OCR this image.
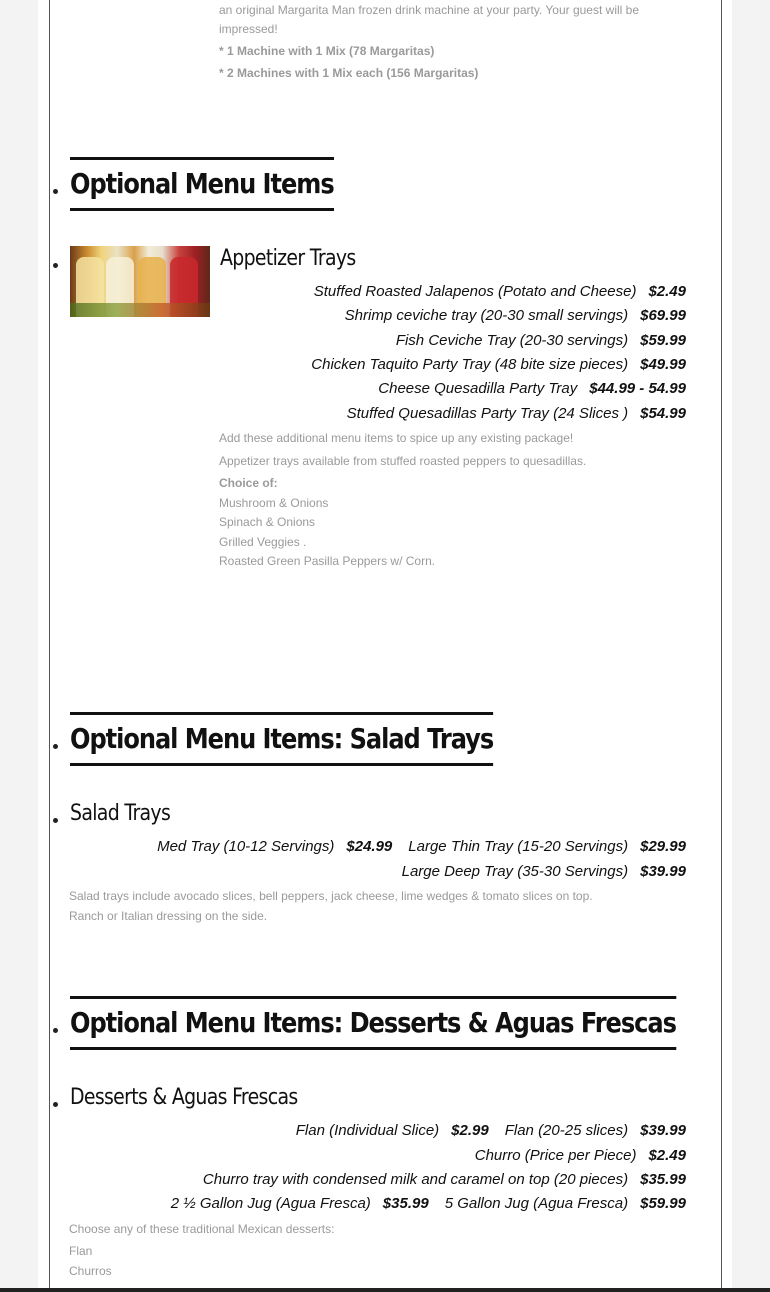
an original Margarita Man frozen drink machine at your party. Your guest will be impressed!
* 1 Machine with 1 Mix (78 Margaritas)
* 2 Machines with 1 Mix each (156 Margaritas)
Optional Menu Items
Appetizer Trays
Stuffed Roasted Jalapenos (Potato and Cheese) $2.49
Shrimp ceviche tray (20-30 small servings) $69.99
Fish Ceviche Tray (20-30 servings) $59.99
Chicken Taquito Party Tray (48 bite size pieces) $49.99
Cheese Quesadilla Party Tray $44.99 - 54.99
Stuffed Quesadillas Party Tray (24 Slices ) $54.99
Add these additional menu items to spice up any existing package!
Appetizer trays available from stuffed roasted peppers to quesadillas.
Choice of:
Mushroom & Onions
Spinach & Onions
Grilled Veggies .
Roasted Green Pasilla Peppers w/ Corn.
Optional Menu Items: Salad Trays
Salad Trays
Med Tray (10-12 Servings) $24.99 Large Thin Tray (15-20 Servings) $29.99
Large Deep Tray (35-30 Servings) $39.99
Salad trays include avocado slices, bell peppers, jack cheese, lime wedges & tomato slices on top.
Ranch or Italian dressing on the side.
Optional Menu Items: Desserts & Aguas Frescas
Desserts & Aguas Frescas
Flan (Individual Slice) $2.99 Flan (20-25 slices) $39.99
Churro (Price per Piece) $2.49
Churro tray with condensed milk and caramel on top (20 pieces) $35.99
2 ½ Gallon Jug (Agua Fresca) $35.99 5 Gallon Jug (Agua Fresca) $59.99
Choose any of these traditional Mexican desserts:
Flan
Churros
